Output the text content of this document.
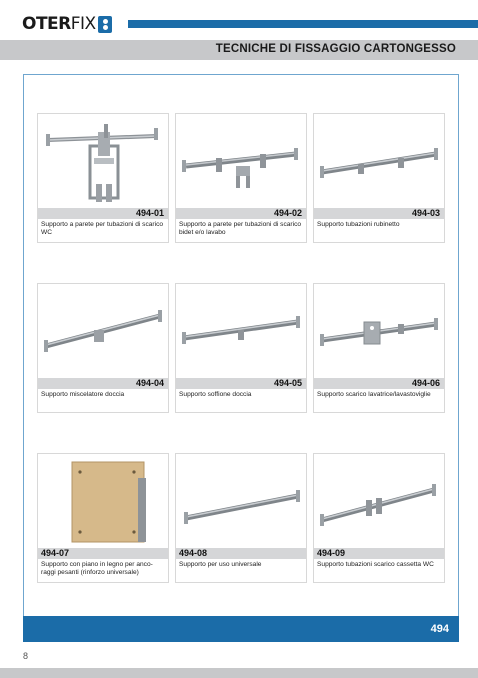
OTER FIX
TECNICHE DI FISSAGGIO CARTONGESSO
494-01
Supporto a parete per tubazioni di scarico WC
494-02
Supporto a parete per tubazioni di scarico bidet e/o lavabo
494-03
Supporto tubazioni rubinetto
494-04
Supporto miscelatore doccia
494-05
Supporto soffione doccia
494-06
Supporto scarico lavatrice/lavastoviglie
494-07
Supporto con piano in legno per anco-raggi pesanti (rinforzo universale)
494-08
Supporto per uso universale
494-09
Supporto tubazioni scarico cassetta WC
494
8
